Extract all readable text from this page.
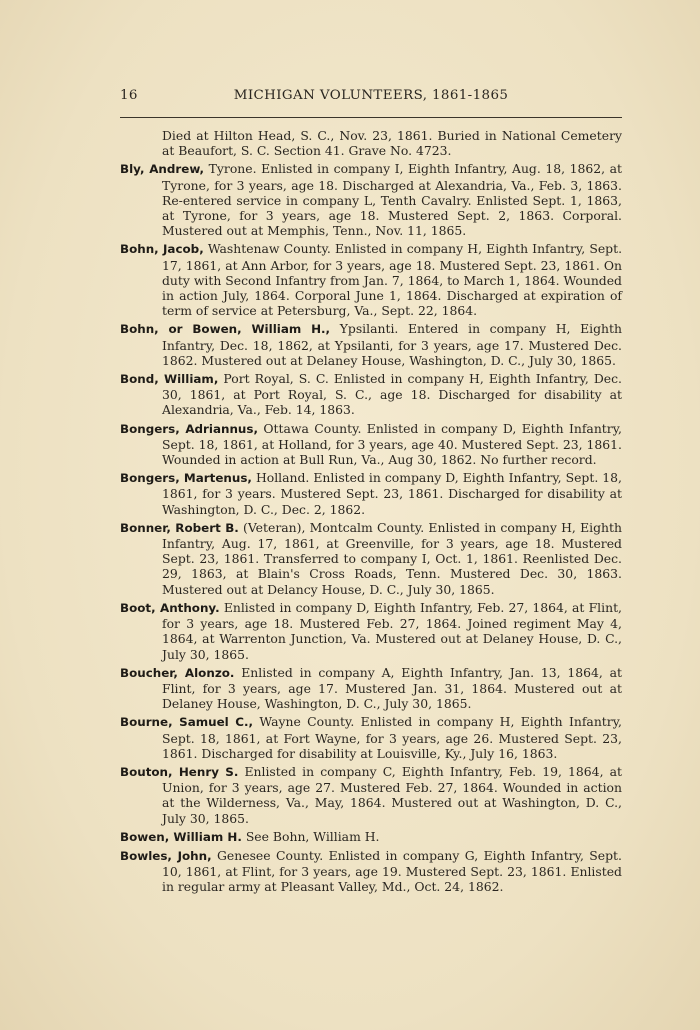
16	MICHIGAN VOLUNTEERS, 1861-1865

Died at Hilton Head, S. C., Nov. 23, 1861. Buried in National Cemetery at Beaufort, S. C. Section 41. Grave No. 4723.

Bly, Andrew, Tyrone. Enlisted in company I, Eighth Infantry, Aug. 18, 1862, at Tyrone, for 3 years, age 18. Discharged at Alexandria, Va., Feb. 3, 1863. Re-entered service in company L, Tenth Cavalry. Enlisted Sept. 1, 1863, at Tyrone, for 3 years, age 18. Mustered Sept. 2, 1863. Corporal. Mustered out at Memphis, Tenn., Nov. 11, 1865.

Bohn, Jacob, Washtenaw County. Enlisted in company H, Eighth Infantry, Sept. 17, 1861, at Ann Arbor, for 3 years, age 18. Mustered Sept. 23, 1861. On duty with Second Infantry from Jan. 7, 1864, to March 1, 1864. Wounded in action July, 1864. Corporal June 1, 1864. Discharged at expiration of term of service at Petersburg, Va., Sept. 22, 1864.

Bohn, or Bowen, William H., Ypsilanti. Entered in company H, Eighth Infantry, Dec. 18, 1862, at Ypsilanti, for 3 years, age 17. Mustered Dec. 1862. Mustered out at Delaney House, Washington, D. C., July 30, 1865.

Bond, William, Port Royal, S. C. Enlisted in company H, Eighth Infantry, Dec. 30, 1861, at Port Royal, S. C., age 18. Discharged for disability at Alexandria, Va., Feb. 14, 1863.

Bongers, Adriannus, Ottawa County. Enlisted in company D, Eighth Infantry, Sept. 18, 1861, at Holland, for 3 years, age 40. Mustered Sept. 23, 1861. Wounded in action at Bull Run, Va., Aug 30, 1862. No further record.

Bongers, Martenus, Holland. Enlisted in company D, Eighth Infantry, Sept. 18, 1861, for 3 years. Mustered Sept. 23, 1861. Discharged for disability at Washington, D. C., Dec. 2, 1862.

Bonner, Robert B. (Veteran), Montcalm County. Enlisted in company H, Eighth Infantry, Aug. 17, 1861, at Greenville, for 3 years, age 18. Mustered Sept. 23, 1861. Transferred to company I, Oct. 1, 1861. Reenlisted Dec. 29, 1863, at Blain's Cross Roads, Tenn. Mustered Dec. 30, 1863. Mustered out at Delancy House, D. C., July 30, 1865.

Boot, Anthony. Enlisted in company D, Eighth Infantry, Feb. 27, 1864, at Flint, for 3 years, age 18. Mustered Feb. 27, 1864. Joined regiment May 4, 1864, at Warrenton Junction, Va. Mustered out at Delaney House, D. C., July 30, 1865.

Boucher, Alonzo. Enlisted in company A, Eighth Infantry, Jan. 13, 1864, at Flint, for 3 years, age 17. Mustered Jan. 31, 1864. Mustered out at Delaney House, Washington, D. C., July 30, 1865.

Bourne, Samuel C., Wayne County. Enlisted in company H, Eighth Infantry, Sept. 18, 1861, at Fort Wayne, for 3 years, age 26. Mustered Sept. 23, 1861. Discharged for disability at Louisville, Ky., July 16, 1863.

Bouton, Henry S. Enlisted in company C, Eighth Infantry, Feb. 19, 1864, at Union, for 3 years, age 27. Mustered Feb. 27, 1864. Wounded in action at the Wilderness, Va., May, 1864. Mustered out at Washington, D. C., July 30, 1865.

Bowen, William H. See Bohn, William H.

Bowles, John, Genesee County. Enlisted in company G, Eighth Infantry, Sept. 10, 1861, at Flint, for 3 years, age 19. Mustered Sept. 23, 1861. Enlisted in regular army at Pleasant Valley, Md., Oct. 24, 1862.
